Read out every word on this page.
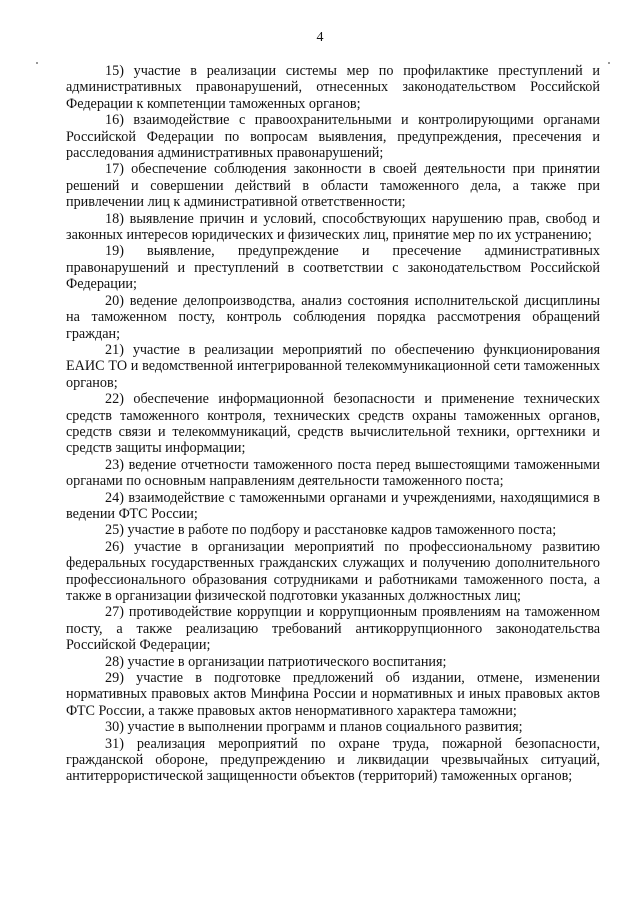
4

15) участие в реализации системы мер по профилактике преступлений и административных правонарушений, отнесенных законодательством Российской Федерации к компетенции таможенных органов;

16) взаимодействие с правоохранительными и контролирующими органами Российской Федерации по вопросам выявления, предупреждения, пресечения и расследования административных правонарушений;

17) обеспечение соблюдения законности в своей деятельности при принятии решений и совершении действий в области таможенного дела, а также при привлечении лиц к административной ответственности;

18) выявление причин и условий, способствующих нарушению прав, свобод и законных интересов юридических и физических лиц, принятие мер по их устранению;

19) выявление, предупреждение и пресечение административных правонарушений и преступлений в соответствии с законодательством Российской Федерации;

20) ведение делопроизводства, анализ состояния исполнительской дисциплины на таможенном посту, контроль соблюдения порядка рассмотрения обращений граждан;

21) участие в реализации мероприятий по обеспечению функционирования ЕАИС ТО и ведомственной интегрированной телекоммуникационной сети таможенных органов;

22) обеспечение информационной безопасности и применение технических средств таможенного контроля, технических средств охраны таможенных органов, средств связи и телекоммуникаций, средств вычислительной техники, оргтехники и средств защиты информации;

23) ведение отчетности таможенного поста перед вышестоящими таможенными органами по основным направлениям деятельности таможенного поста;

24) взаимодействие с таможенными органами и учреждениями, находящимися в ведении ФТС России;

25) участие в работе по подбору и расстановке кадров таможенного поста;

26) участие в организации мероприятий по профессиональному развитию федеральных государственных гражданских служащих и получению дополнительного профессионального образования сотрудниками и работниками таможенного поста, а также в организации физической подготовки указанных должностных лиц;

27) противодействие коррупции и коррупционным проявлениям на таможенном посту, а также реализацию требований антикоррупционного законодательства Российской Федерации;

28) участие в организации патриотического воспитания;

29) участие в подготовке предложений об издании, отмене, изменении нормативных правовых актов Минфина России и нормативных и иных правовых актов ФТС России, а также правовых актов ненормативного характера таможни;

30) участие в выполнении программ и планов социального развития;

31) реализация мероприятий по охране труда, пожарной безопасности, гражданской обороне, предупреждению и ликвидации чрезвычайных ситуаций, антитеррористической защищенности объектов (территорий) таможенных органов;
